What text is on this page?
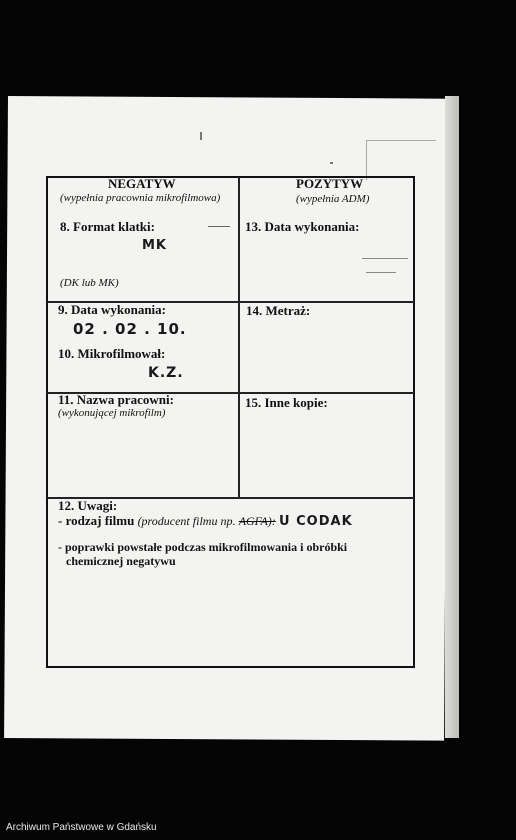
NEGATYW
(wypełnia pracownia mikrofilmowa)
8. Format klatki:
MK
(DK lub MK)
9. Data wykonania:
02 . 02 . 10.
10. Mikrofilmował:
K.Z.
11. Nazwa pracowni:
(wykonującej mikrofilm)
POZYTYW
(wypełnia ADM)
13. Data wykonania:
14. Metraż:
15. Inne kopie:
12. Uwagi:
- rodzaj filmu (producent filmu np. AGFA): U CODAK
- poprawki powstałe podczas mikrofilmowania i obróbki
chemicznej negatywu
Archiwum Państwowe w Gdańsku
